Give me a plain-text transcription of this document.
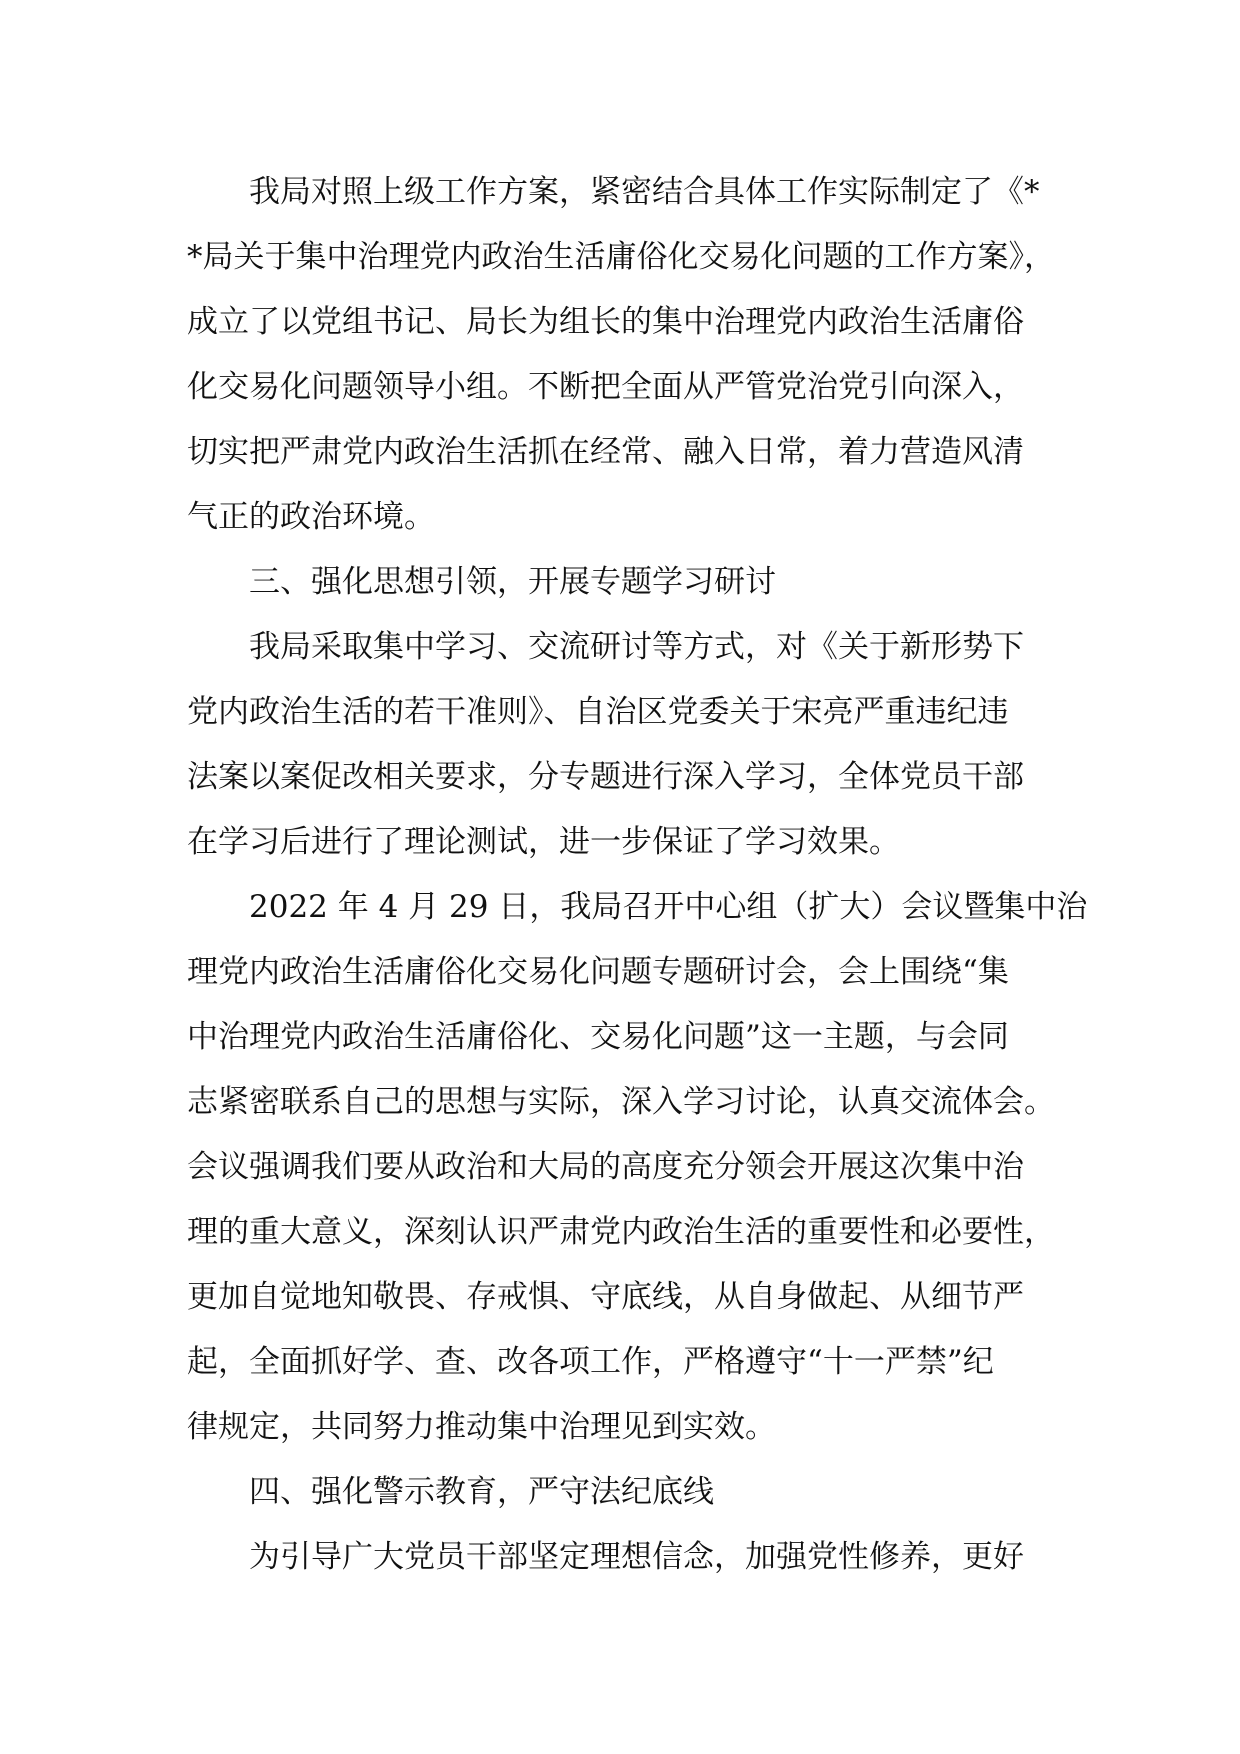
我局对照上级工作方案，紧密结合具体工作实际制定了《*
*局关于集中治理党内政治生活庸俗化交易化问题的工作方案》，
成立了以党组书记、局长为组长的集中治理党内政治生活庸俗
化交易化问题领导小组。不断把全面从严管党治党引向深入，
切实把严肃党内政治生活抓在经常、融入日常，着力营造风清
气正的政治环境。
三、强化思想引领，开展专题学习研讨
我局采取集中学习、交流研讨等方式，对《关于新形势下
党内政治生活的若干准则》、自治区党委关于宋亮严重违纪违
法案以案促改相关要求，分专题进行深入学习，全体党员干部
在学习后进行了理论测试，进一步保证了学习效果。
2022 年 4 月 29 日，我局召开中心组（扩大）会议暨集中治
理党内政治生活庸俗化交易化问题专题研讨会，会上围绕“集
中治理党内政治生活庸俗化、交易化问题”这一主题，与会同
志紧密联系自己的思想与实际，深入学习讨论，认真交流体会。
会议强调我们要从政治和大局的高度充分领会开展这次集中治
理的重大意义，深刻认识严肃党内政治生活的重要性和必要性，
更加自觉地知敬畏、存戒惧、守底线，从自身做起、从细节严
起，全面抓好学、查、改各项工作，严格遵守“十一严禁”纪
律规定，共同努力推动集中治理见到实效。
四、强化警示教育，严守法纪底线
为引导广大党员干部坚定理想信念，加强党性修养，更好
